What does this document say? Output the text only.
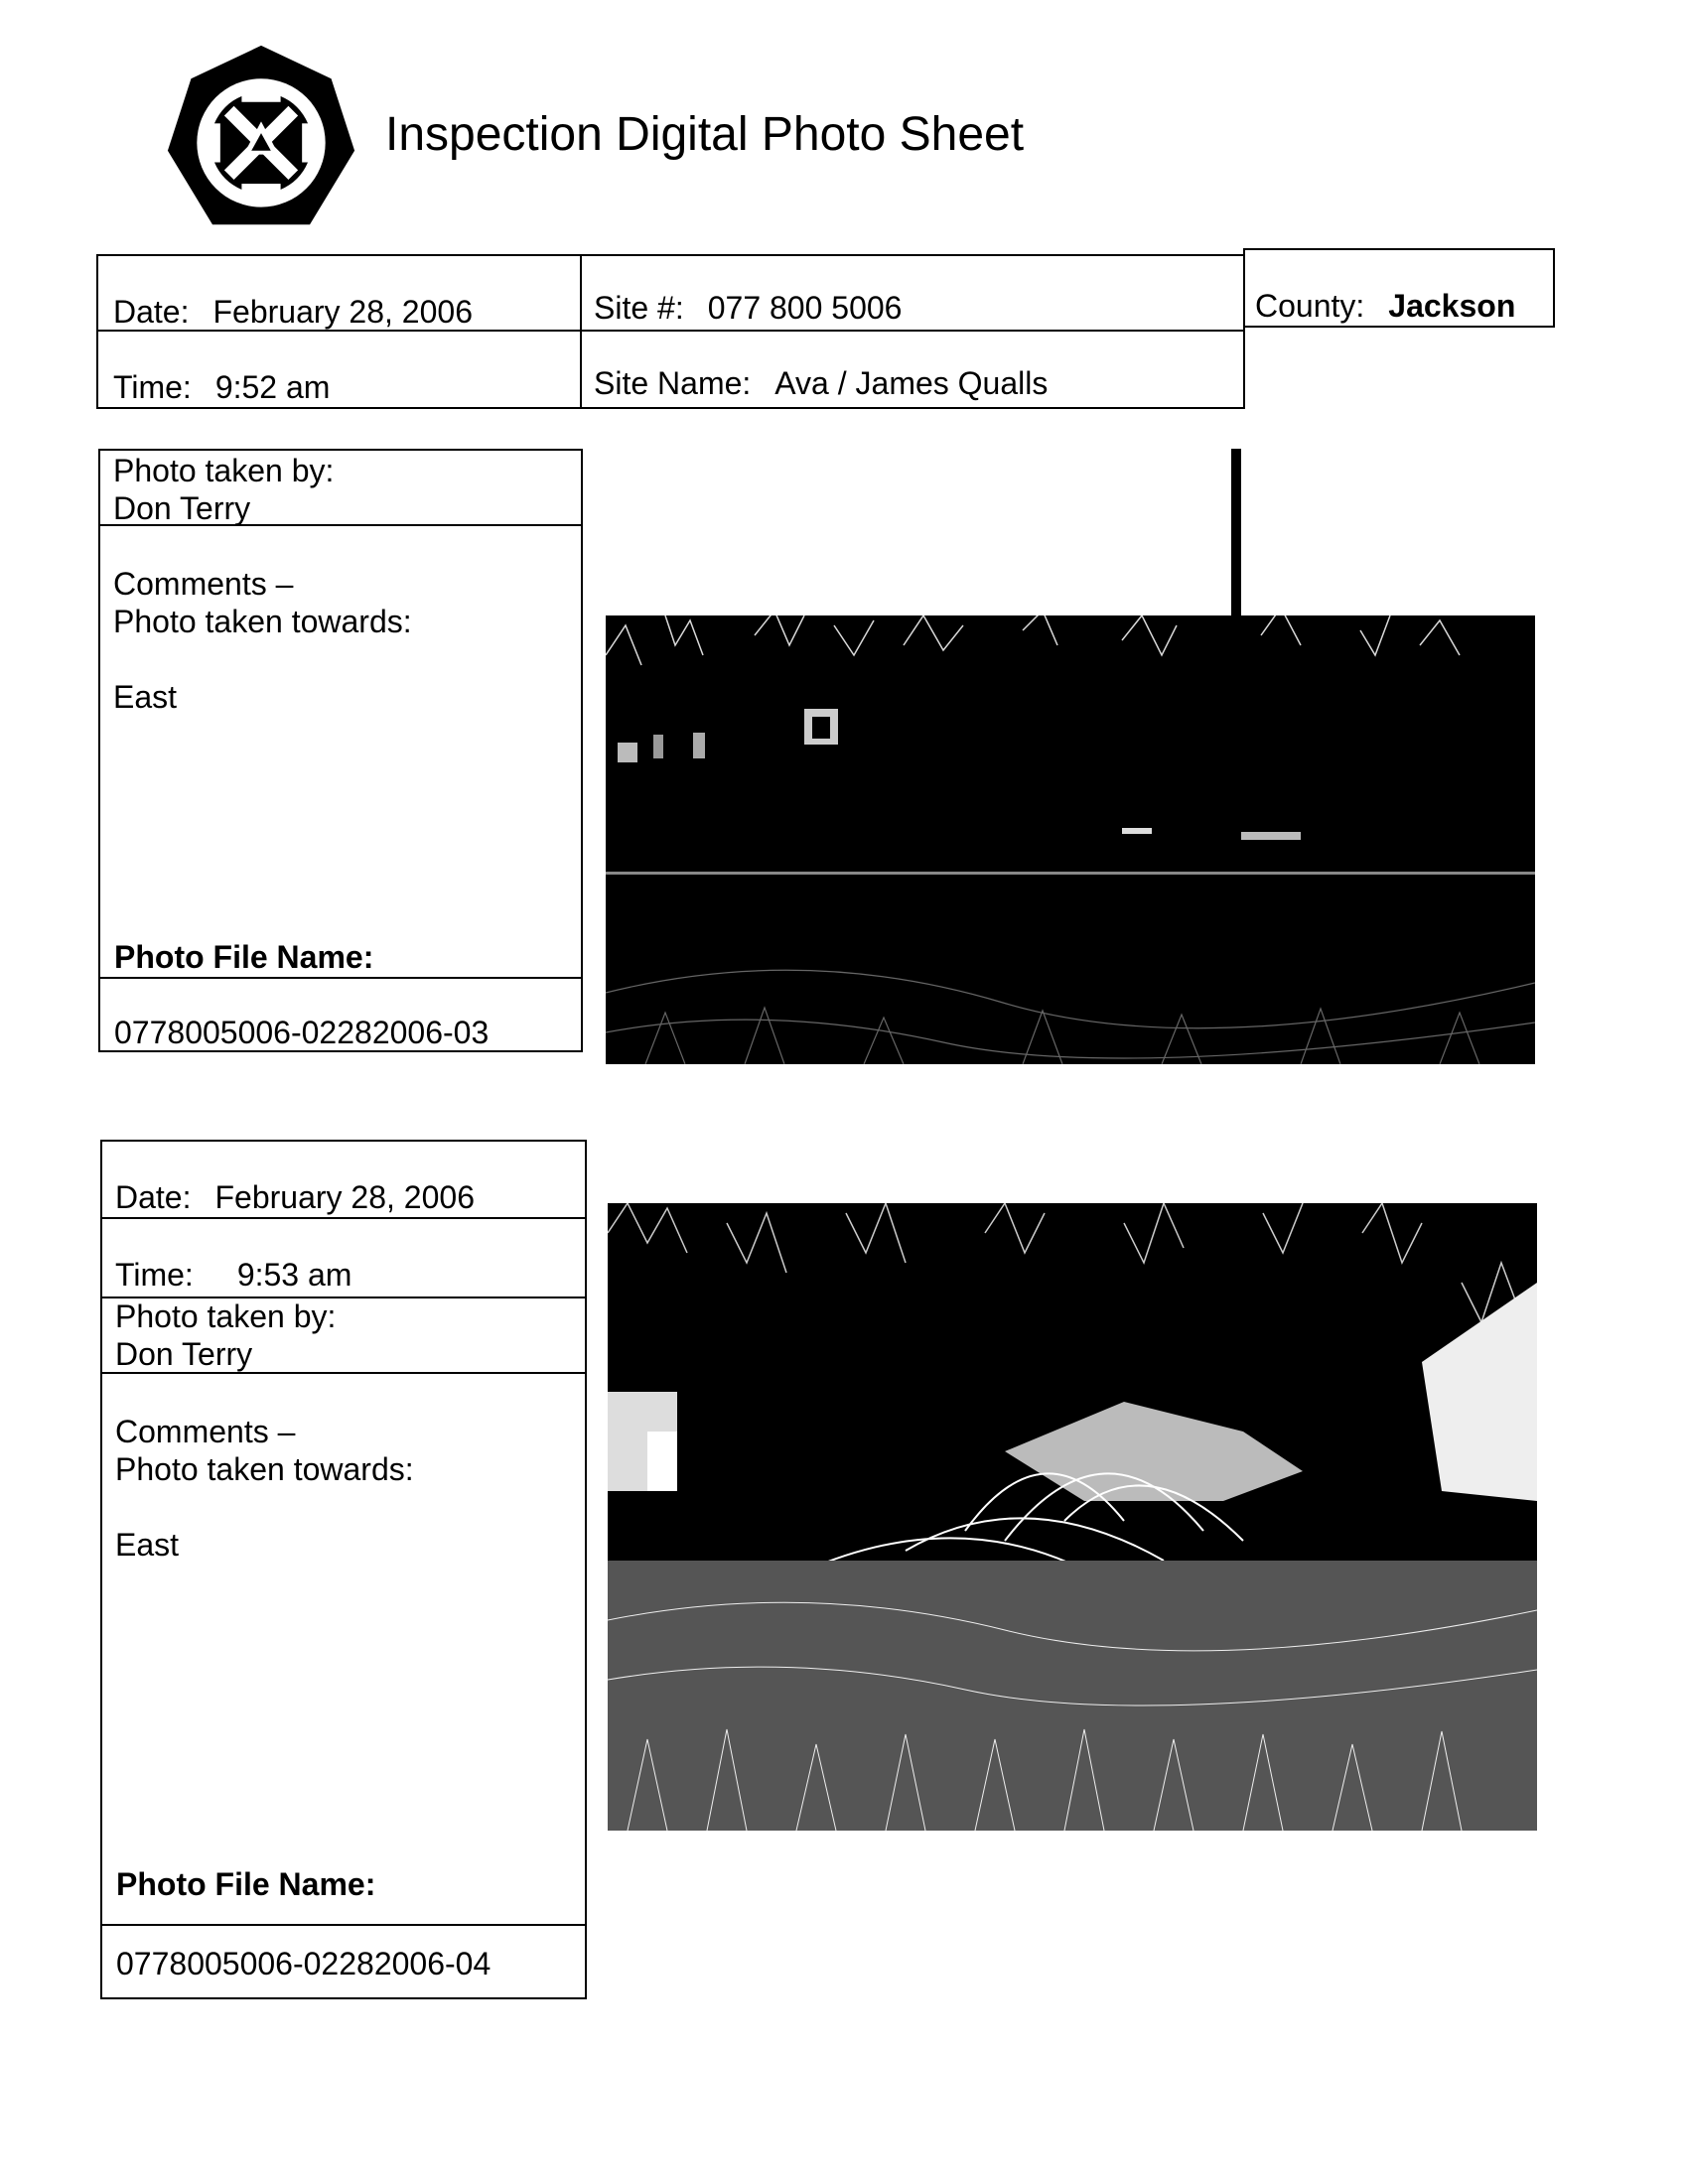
Inspection Digital Photo Sheet
Date: February 28, 2006
Time: 9:52 am
Site #: 077 800 5006
Site Name: Ava / James Qualls
County: Jackson
Photo taken by:
Don Terry
Comments –
Photo taken towards:
East
Photo File Name:
0778005006-02282006-03
Date: February 28, 2006
Time: 9:53 am
Photo taken by:
Don Terry
Comments –
Photo taken towards:
East
Photo File Name:
0778005006-02282006-04
